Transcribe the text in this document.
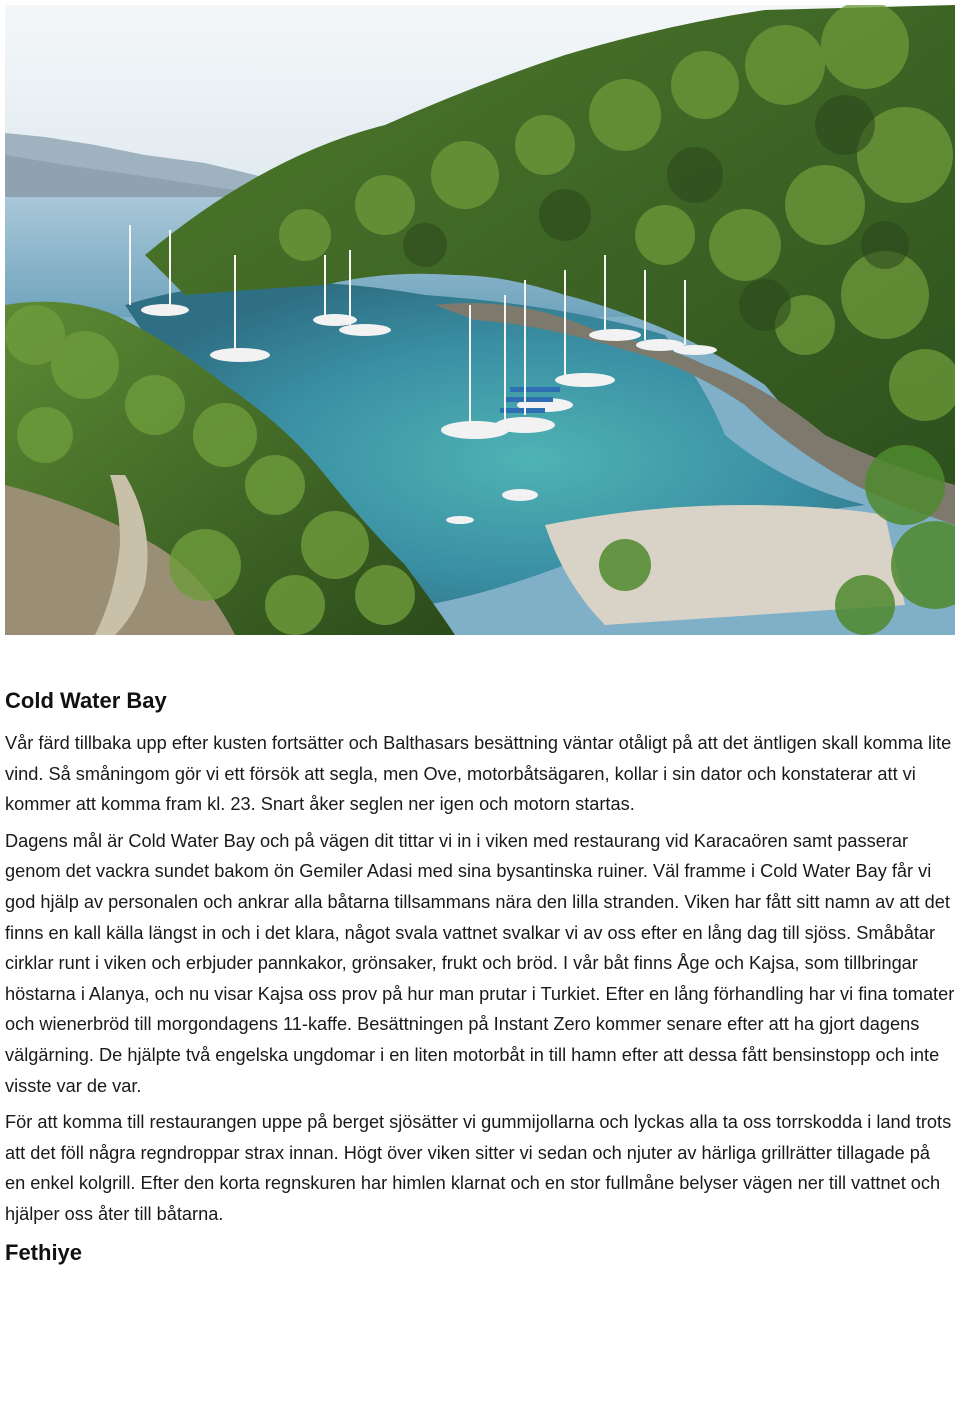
Cold Water Bay

Vår färd tillbaka upp efter kusten fortsätter och Balthasars besättning väntar otåligt på att det äntligen skall komma lite vind. Så småningom gör vi ett försök att segla, men Ove, motorbåtsägaren, kollar i sin dator och konstaterar att vi kommer att komma fram kl. 23. Snart åker seglen ner igen och motorn startas.

Dagens mål är Cold Water Bay och på vägen dit tittar vi in i viken med restaurang vid Karacaören samt passerar genom det vackra sundet bakom ön Gemiler Adasi med sina bysantinska ruiner. Väl framme i Cold Water Bay får vi god hjälp av personalen och ankrar alla båtarna tillsammans nära den lilla stranden. Viken har fått sitt namn av att det finns en kall källa längst in och i det klara, något svala vattnet svalkar vi av oss efter en lång dag till sjöss. Småbåtar cirklar runt i viken och erbjuder pannkakor, grönsaker, frukt och bröd. I vår båt finns Åge och Kajsa, som tillbringar höstarna i Alanya, och nu visar Kajsa oss prov på hur man prutar i Turkiet. Efter en lång förhandling har vi fina tomater och wienerbröd till morgondagens 11-kaffe. Besättningen på Instant Zero kommer senare efter att ha gjort dagens välgärning. De hjälpte två engelska ungdomar i en liten motorbåt in till hamn efter att dessa fått bensinstopp och inte visste var de var.

För att komma till restaurangen uppe på berget sjösätter vi gummijollarna och lyckas alla ta oss torrskodda i land trots att det föll några regndroppar strax innan. Högt över viken sitter vi sedan och njuter av härliga grillrätter tillagade på en enkel kolgrill. Efter den korta regnskuren har himlen klarnat och en stor fullmåne belyser vägen ner till vattnet och hjälper oss åter till båtarna.

Fethiye
